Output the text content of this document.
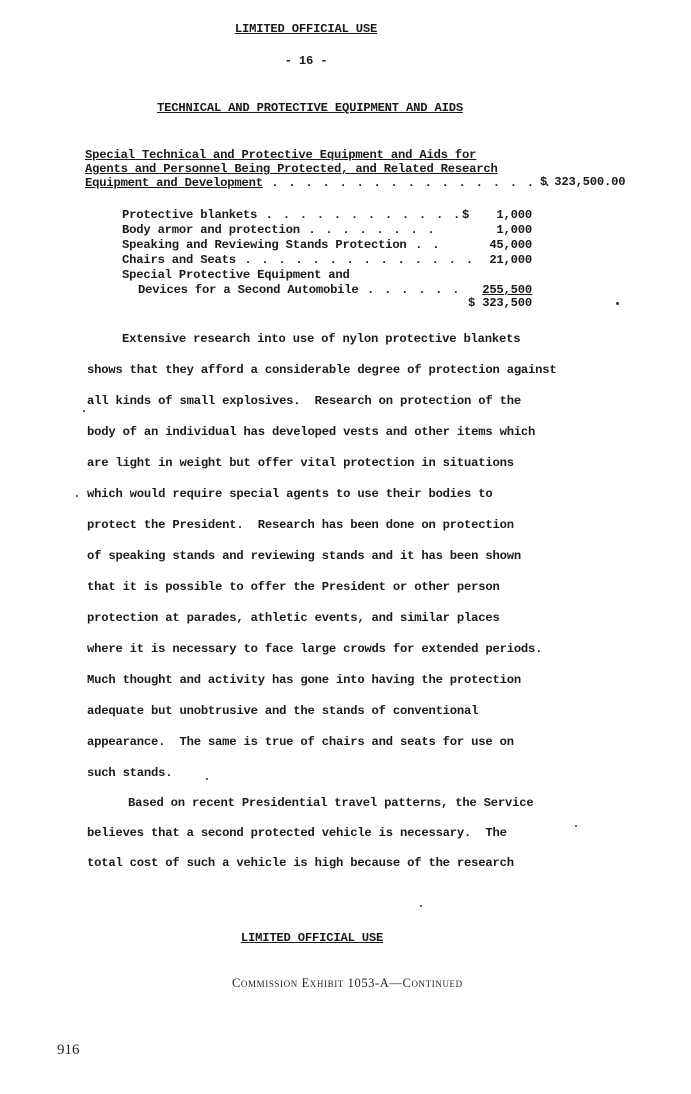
LIMITED OFFICIAL USE
- 16 -
TECHNICAL AND PROTECTIVE EQUIPMENT AND AIDS
Special Technical and Protective Equipment and Aids for
Agents and Personnel Being Protected, and Related Research
Equipment and Development . . . . . . . . . . . . . . . . .
$ 323,500.00
Protective blankets . . . . . . . . . . . . $	1,000
Body armor and protection . . . . . . . .	1,000
Speaking and Reviewing Stands Protection . .	45,000
Chairs and Seats . . . . . . . . . . . . . .	21,000
Special Protective Equipment and
Devices for a Second Automobile . . . . . .	255,500
$ 323,500
Extensive research into use of nylon protective blankets
shows that they afford a considerable degree of protection against
all kinds of small explosives.  Research on protection of the
body of an individual has developed vests and other items which
are light in weight but offer vital protection in situations
which would require special agents to use their bodies to
protect the President.  Research has been done on protection
of speaking stands and reviewing stands and it has been shown
that it is possible to offer the President or other person
protection at parades, athletic events, and similar places
where it is necessary to face large crowds for extended periods.
Much thought and activity has gone into having the protection
adequate but unobtrusive and the stands of conventional
appearance.  The same is true of chairs and seats for use on
such stands.
Based on recent Presidential travel patterns, the Service
believes that a second protected vehicle is necessary.  The
total cost of such a vehicle is high because of the research
LIMITED OFFICIAL USE
Commission Exhibit 1053-A—Continued
916
